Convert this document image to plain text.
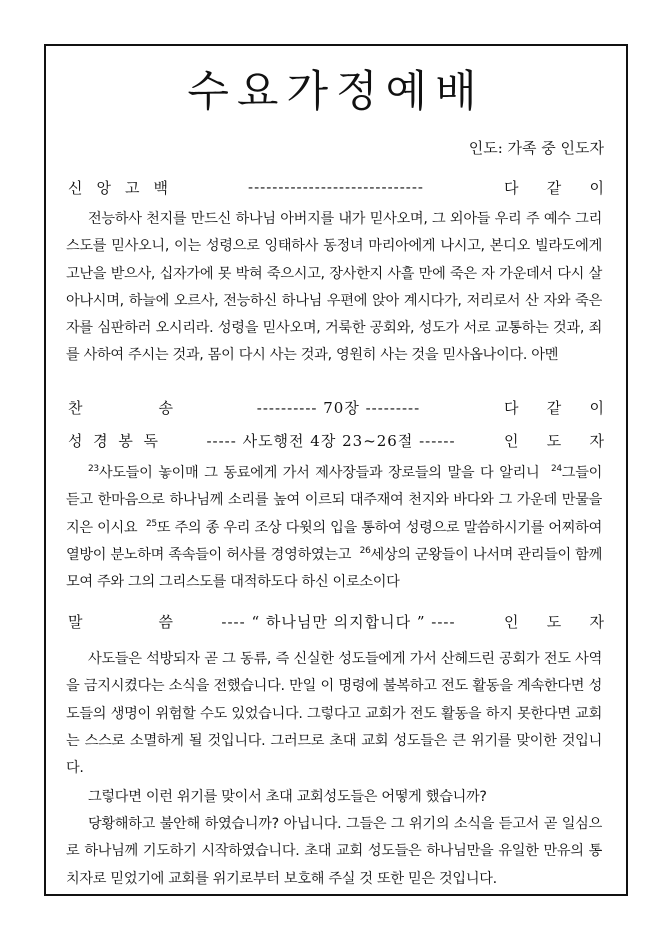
수요가정예배
인도: 가족 중 인도자
신 앙 고 백	-----------------------------	다 같 이
전능하사 천지를 만드신 하나님 아버지를 내가 믿사오며, 그 외아들 우리 주 예수 그리스도를 믿사오니, 이는 성령으로 잉태하사 동정녀 마리아에게 나시고, 본디오 빌라도에게 고난을 받으사, 십자가에 못 박혀 죽으시고, 장사한지 사흘 만에 죽은 자 가운데서 다시 살아나시며, 하늘에 오르사, 전능하신 하나님 우편에 앉아 계시다가, 저리로서 산 자와 죽은자를 심판하러 오시리라. 성령을 믿사오며, 거룩한 공회와, 성도가 서로 교통하는 것과, 죄를 사하여 주시는 것과, 몸이 다시 사는 것과, 영원히 사는 것을 믿사옵나이다. 아멘
찬	송	---------- 70장 ---------	다 같 이
성 경 봉 독	----- 사도행전 4장 23~26절 ------	인 도 자
$^{23}$사도들이 놓이매 그 동료에게 가서 제사장들과 장로들의 말을 다 알리니 $^{24}$그들이 듣고 한마음으로 하나님께 소리를 높여 이르되 대주재여 천지와 바다와 그 가운데 만물을 지은 이시요 $^{25}$또 주의 종 우리 조상 다윗의 입을 통하여 성령으로 말씀하시기를 어찌하여 열방이 분노하며 족속들이 허사를 경영하였는고 $^{26}$세상의 군왕들이 나서며 관리들이 함께 모여 주와 그의 그리스도를 대적하도다 하신 이로소이다
말	씀	---- “ 하나님만 의지합니다 ” ----	인 도 자
사도들은 석방되자 곧 그 동류, 즉 신실한 성도들에게 가서 산헤드린 공회가 전도 사역을 금지시켰다는 소식을 전했습니다. 만일 이 명령에 불복하고 전도 활동을 계속한다면 성도들의 생명이 위험할 수도 있었습니다. 그렇다고 교회가 전도 활동을 하지 못한다면 교회는 스스로 소멸하게 될 것입니다. 그러므로 초대 교회 성도들은 큰 위기를 맞이한 것입니다.
그렇다면 이런 위기를 맞이서 초대 교회성도들은 어떻게 했습니까?
당황해하고 불안해 하였습니까? 아닙니다. 그들은 그 위기의 소식을 듣고서 곧 일심으로 하나님께 기도하기 시작하였습니다. 초대 교회 성도들은 하나님만을 유일한 만유의 통치자로 믿었기에 교회를 위기로부터 보호해 주실 것 또한 믿은 것입니다.
